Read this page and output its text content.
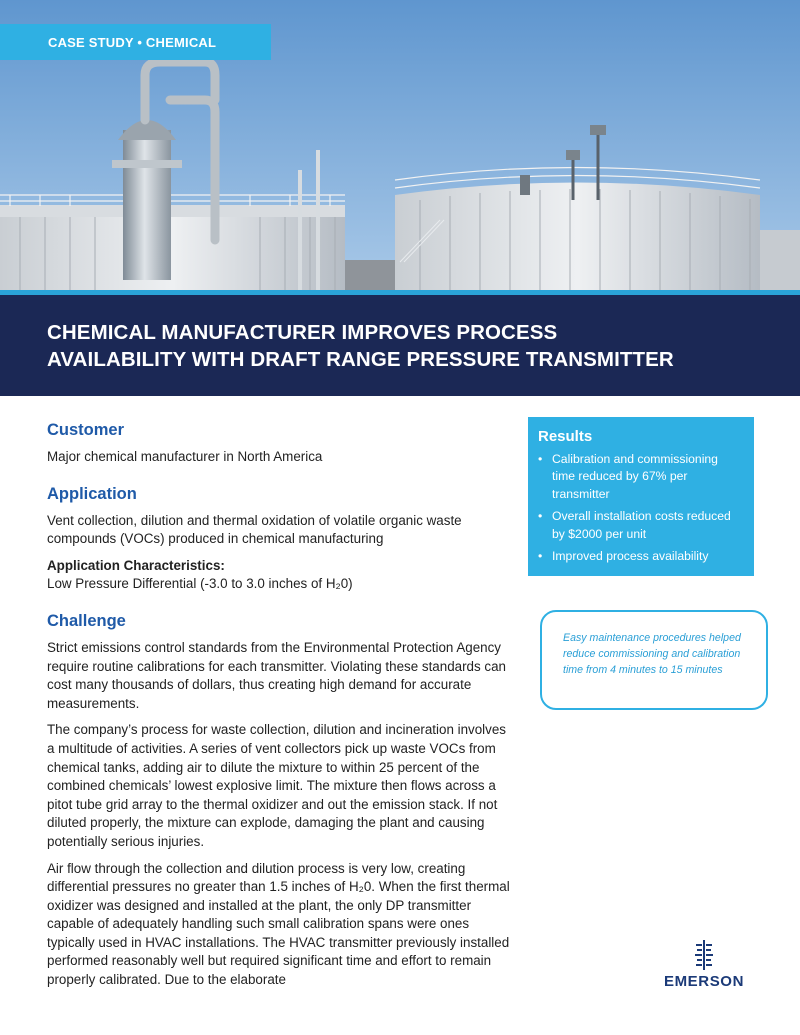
CASE STUDY • CHEMICAL
CHEMICAL MANUFACTURER IMPROVES PROCESS
AVAILABILITY WITH DRAFT RANGE PRESSURE TRANSMITTER
Customer

Major chemical manufacturer in North America

Application

Vent collection, dilution and thermal oxidation of volatile organic waste compounds (VOCs) produced in chemical manufacturing

Application Characteristics:

Low Pressure Differential (-3.0 to 3.0 inches of H₂0)

Challenge

Strict emissions control standards from the Environmental Protection Agency require routine calibrations for each transmitter. Violating these standards can cost many thousands of dollars, thus creating high demand for accurate measurements.

The company’s process for waste collection, dilution and incineration involves a multitude of activities. A series of vent collectors pick up waste VOCs from chemical tanks, adding air to dilute the mixture to within 25 percent of the combined chemicals’ lowest explosive limit. The mixture then flows across a pitot tube grid array to the thermal oxidizer and out the emission stack. If not diluted properly, the mixture can explode, damaging the plant and causing potentially serious injuries.

Air flow through the collection and dilution process is very low, creating differential pressures no greater than 1.5 inches of H₂0. When the first thermal oxidizer was designed and installed at the plant, the only DP transmitter capable of adequately handling such small calibration spans were ones typically used in HVAC installations. The HVAC transmitter previously installed performed reasonably well but required significant time and effort to remain properly calibrated. Due to the elaborate

Results
• Calibration and commissioning time reduced by 67% per transmitter
• Overall installation costs reduced by $2000 per unit
• Improved process availability

Easy maintenance procedures helped reduce commissioning and calibration time from 4 minutes to 15 minutes

EMERSON
